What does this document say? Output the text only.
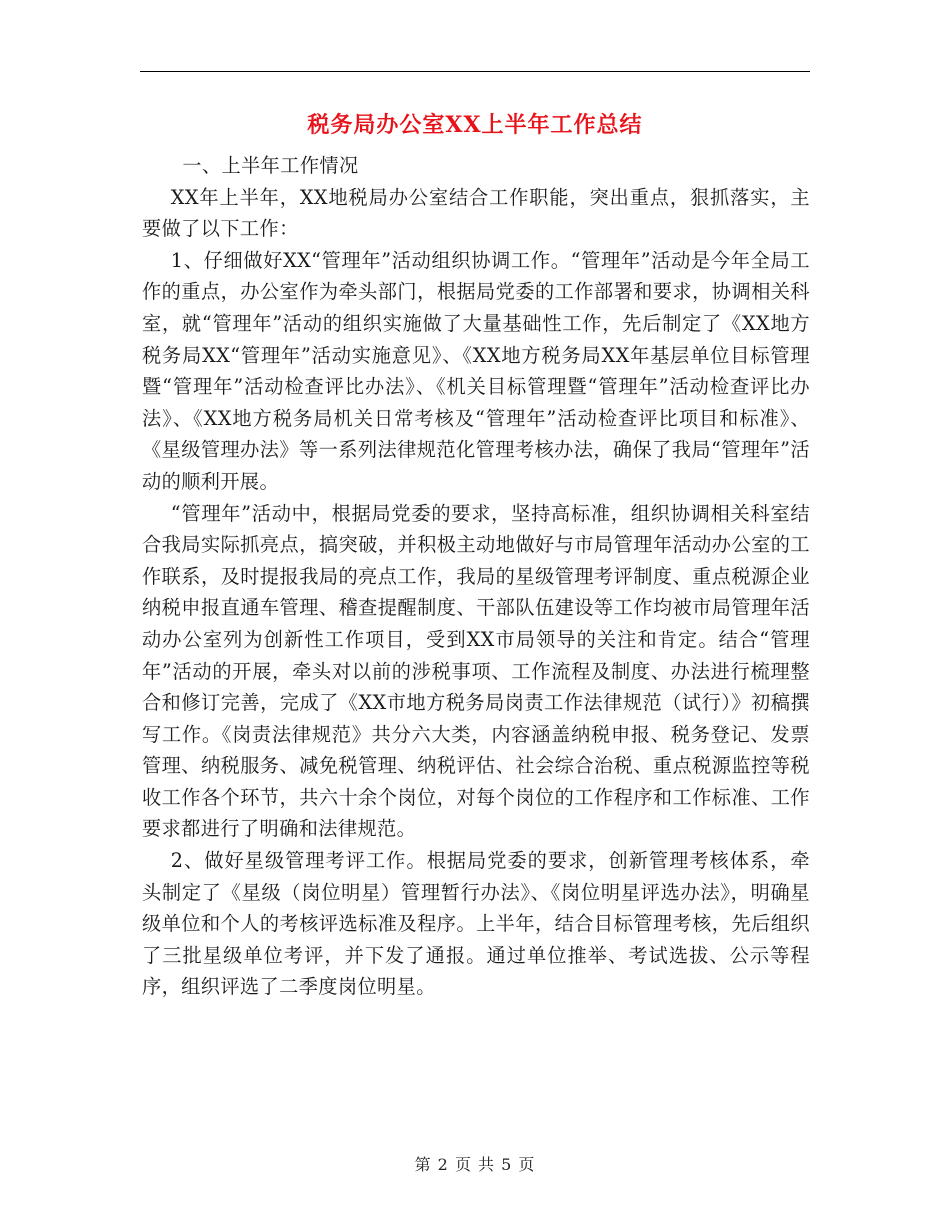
税务局办公室XX上半年工作总结

一、上半年工作情况

XX年上半年，XX地税局办公室结合工作职能，突出重点，狠抓落实，主要做了以下工作：

1、仔细做好XX“管理年”活动组织协调工作。“管理年”活动是今年全局工作的重点，办公室作为牵头部门，根据局党委的工作部署和要求，协调相关科室，就“管理年”活动的组织实施做了大量基础性工作，先后制定了《XX地方税务局XX“管理年”活动实施意见》、《XX地方税务局XX年基层单位目标管理暨“管理年”活动检查评比办法》、《机关目标管理暨“管理年”活动检查评比办法》、《XX地方税务局机关日常考核及“管理年”活动检查评比项目和标准》、《星级管理办法》等一系列法律规范化管理考核办法，确保了我局“管理年”活动的顺利开展。

“管理年”活动中，根据局党委的要求，坚持高标准，组织协调相关科室结合我局实际抓亮点，搞突破，并积极主动地做好与市局管理年活动办公室的工作联系，及时提报我局的亮点工作，我局的星级管理考评制度、重点税源企业纳税申报直通车管理、稽查提醒制度、干部队伍建设等工作均被市局管理年活动办公室列为创新性工作项目，受到XX市局领导的关注和肯定。结合“管理年”活动的开展，牵头对以前的涉税事项、工作流程及制度、办法进行梳理整合和修订完善，完成了《XX市地方税务局岗责工作法律规范（试行）》初稿撰写工作。《岗责法律规范》共分六大类，内容涵盖纳税申报、税务登记、发票管理、纳税服务、减免税管理、纳税评估、社会综合治税、重点税源监控等税收工作各个环节，共六十余个岗位，对每个岗位的工作程序和工作标准、工作要求都进行了明确和法律规范。

2、做好星级管理考评工作。根据局党委的要求，创新管理考核体系，牵头制定了《星级（岗位明星）管理暂行办法》、《岗位明星评选办法》，明确星级单位和个人的考核评选标准及程序。上半年，结合目标管理考核，先后组织了三批星级单位考评，并下发了通报。通过单位推举、考试选拔、公示等程序，组织评选了二季度岗位明星。

第 2 页 共 5 页
